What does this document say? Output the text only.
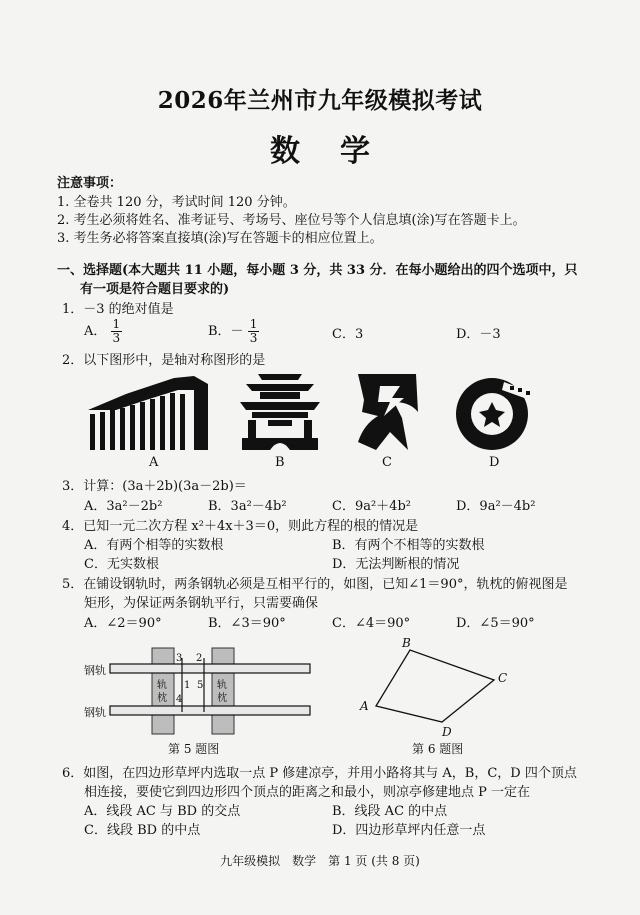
2026年兰州市九年级模拟考试
数学
注意事项：
1. 全卷共 120 分，考试时间 120 分钟。
2. 考生必须将姓名、准考证号、考场号、座位号等个人信息填(涂)写在答题卡上。
3. 考生务必将答案直接填(涂)写在答题卡的相应位置上。
一、选择题(本大题共 11 小题，每小题 3 分，共 33 分．在每小题给出的四个选项中，只
有一项是符合题目要求的)
1．－3 的绝对值是
A． $\frac{1}{3}$	B．－ $\frac{1}{3}$	C．3	D．－3
2．以下图形中，是轴对称图形的是
A	B	C	D
3．计算：(3a＋2b)(3a－2b)＝
A．3a²－2b²	B．3a²－4b²	C．9a²＋4b²	D．9a²－4b²
4．已知一元二次方程 x²＋4x＋3＝0，则此方程的根的情况是
A．有两个相等的实数根	B．有两个不相等的实数根
C．无实数根	D．无法判断根的情况
5．在铺设钢轨时，两条钢轨必须是互相平行的，如图，已知∠1＝90°，轨枕的俯视图是
矩形，为保证两条钢轨平行，只需要确保
A．∠2＝90°	B．∠3＝90°	C．∠4＝90°	D．∠5＝90°
钢轨
钢轨
轨
枕
轨
枕
1
2
3
4
5
第 5 题图
A
B
C
D
第 6 题图
6．如图，在四边形草坪内选取一点 P 修建凉亭，并用小路将其与 A，B，C，D 四个顶点
相连接，要使它到四边形四个顶点的距离之和最小，则凉亭修建地点 P 一定在
A．线段 AC 与 BD 的交点	B．线段 AC 的中点
C．线段 BD 的中点	D．四边形草坪内任意一点
九年级模拟　数学　第 1 页 (共 8 页)
